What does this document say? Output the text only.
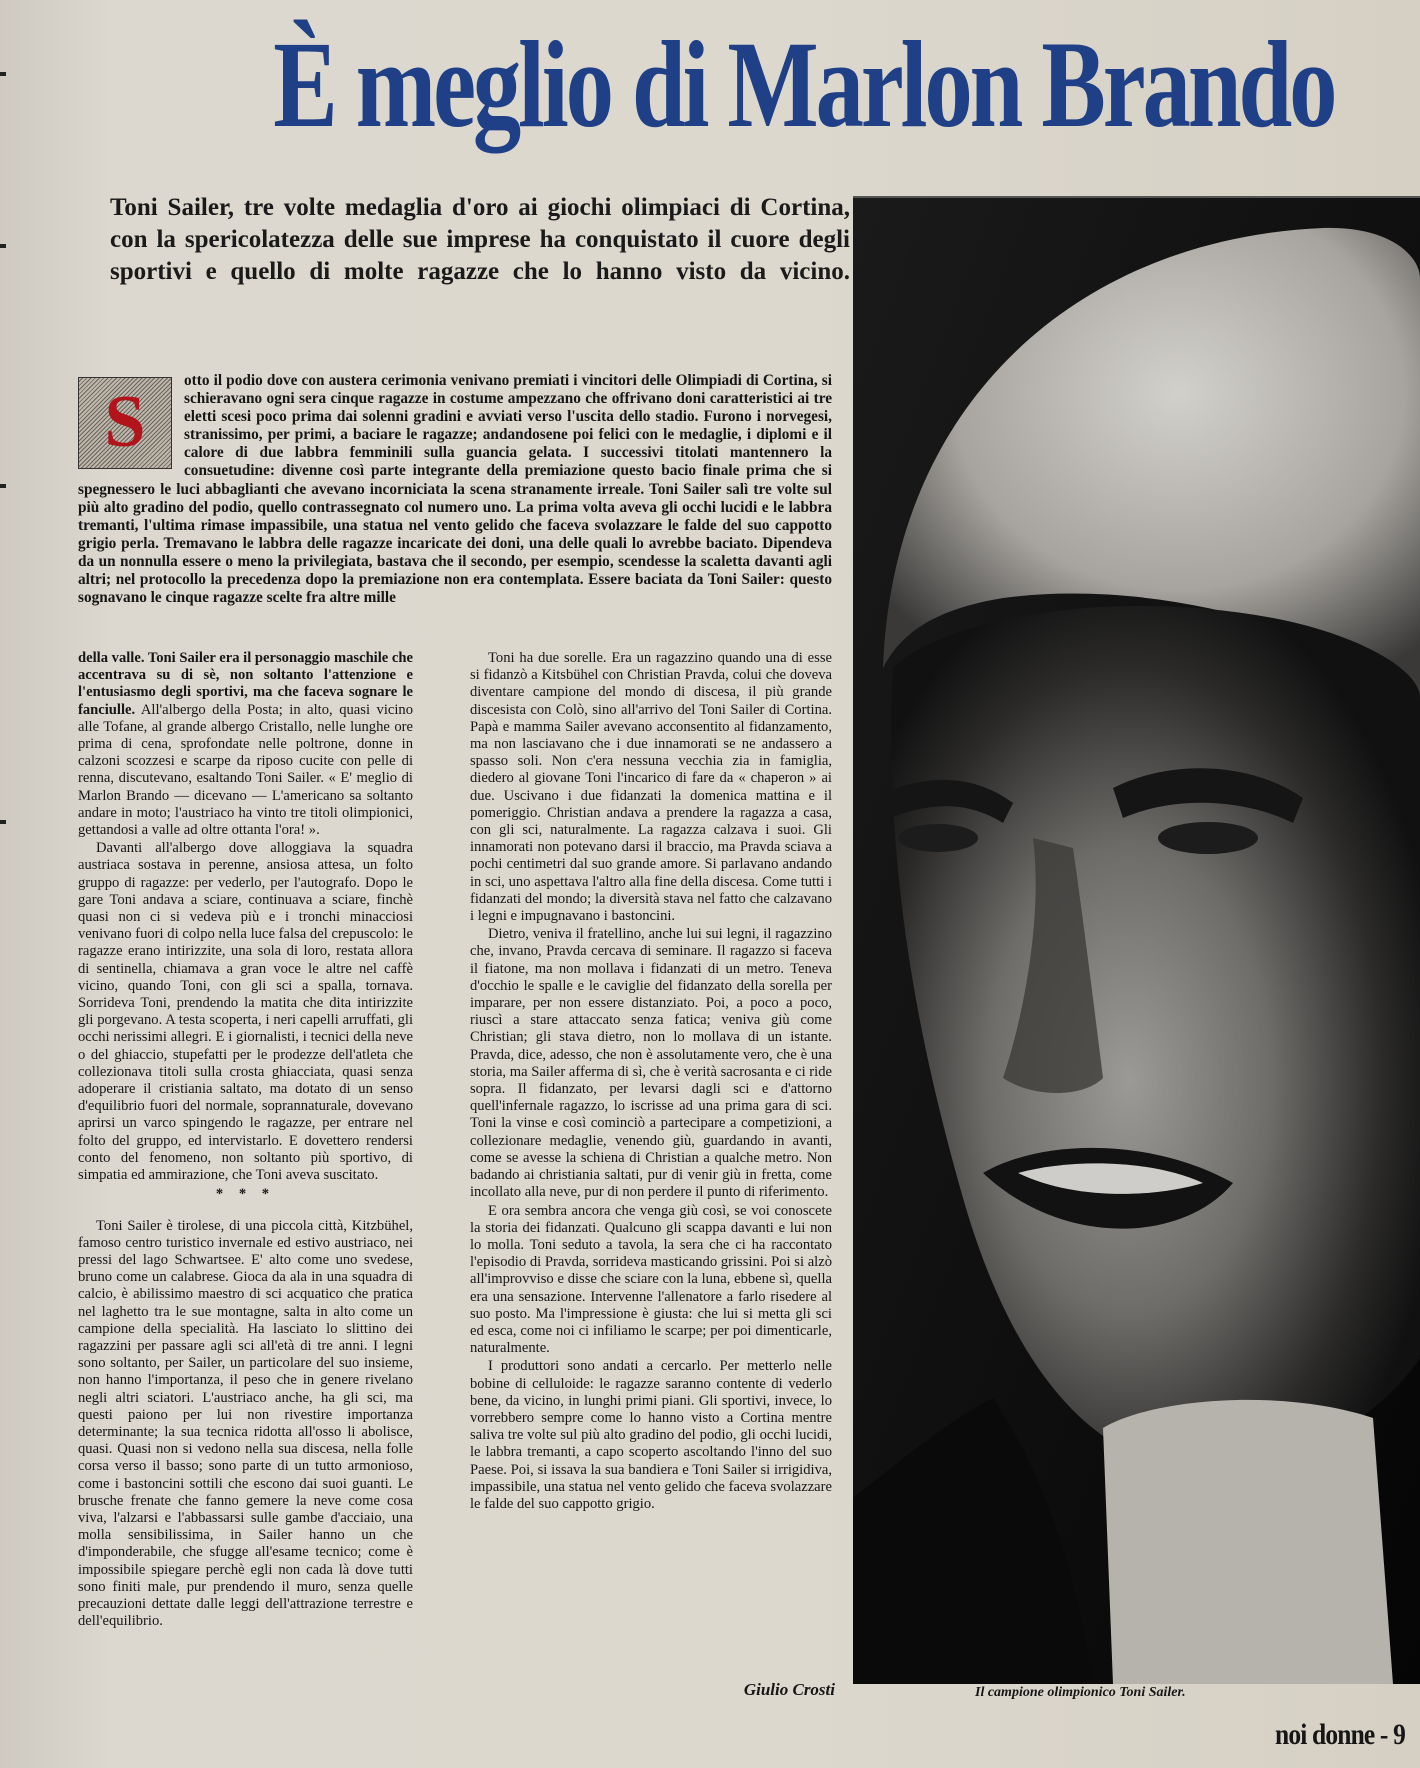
È meglio di Marlon Brando
Toni Sailer, tre volte medaglia d'oro ai giochi olimpiaci di Cortina, con la spericolatezza delle sue imprese ha conquistato il cuore degli sportivi e quello di molte ragazze che lo hanno visto da vicino.

otto il podio dove con austera cerimonia venivano premiati i vincitori delle Olimpiadi di Cortina, si schieravano ogni sera cinque ragazze in costume ampezzano che offrivano doni caratteristici ai tre eletti scesi poco prima dai solenni gradini e avviati verso l'uscita dello stadio. Furono i norvegesi, stranissimo, per primi, a baciare le ragazze; andandosene poi felici con le medaglie, i diplomi e il calore di due labbra femminili sulla guancia gelata. I successivi titolati mantennero la consuetudine: divenne così parte integrante della premiazione questo bacio finale prima che si spegnessero le luci abbaglianti che avevano incorniciata la scena stranamente irreale. Toni Sailer salì tre volte sul più alto gradino del podio, quello contrassegnato col numero uno. La prima volta aveva gli occhi lucidi e le labbra tremanti, l'ultima rimase impassibile, una statua nel vento gelido che faceva svolazzare le falde del suo cappotto grigio perla. Tremavano le labbra delle ragazze incaricate dei doni, una delle quali lo avrebbe baciato. Dipendeva da un nonnulla essere o meno la privilegiata, bastava che il secondo, per esempio, scendesse la scaletta davanti agli altri; nel protocollo la precedenza dopo la premiazione non era contemplata. Essere baciata da Toni Sailer: questo sognavano le cinque ragazze scelte fra altre mille

S

della valle. Toni Sailer era il personaggio maschile che accentrava su di sè, non soltanto l'attenzione e l'entusiasmo degli sportivi, ma che faceva sognare le fanciulle. All'albergo della Posta; in alto, quasi vicino alle Tofane, al grande albergo Cristallo, nelle lunghe ore prima di cena, sprofondate nelle poltrone, donne in calzoni scozzesi e scarpe da riposo cucite con pelle di renna, discutevano, esaltando Toni Sailer. « E' meglio di Marlon Brando — dicevano — L'americano sa soltanto andare in moto; l'austriaco ha vinto tre titoli olimpionici, gettandosi a valle ad oltre ottanta l'ora! ».

Davanti all'albergo dove alloggiava la squadra austriaca sostava in perenne, ansiosa attesa, un folto gruppo di ragazze: per vederlo, per l'autografo. Dopo le gare Toni andava a sciare, continuava a sciare, finchè quasi non ci si vedeva più e i tronchi minacciosi venivano fuori di colpo nella luce falsa del crepuscolo: le ragazze erano intirizzite, una sola di loro, restata allora di sentinella, chiamava a gran voce le altre nel caffè vicino, quando Toni, con gli sci a spalla, tornava. Sorrideva Toni, prendendo la matita che dita intirizzite gli porgevano. A testa scoperta, i neri capelli arruffati, gli occhi nerissimi allegri. E i giornalisti, i tecnici della neve o del ghiaccio, stupefatti per le prodezze dell'atleta che collezionava titoli sulla crosta ghiacciata, quasi senza adoperare il cristiania saltato, ma dotato di un senso d'equilibrio fuori del normale, soprannaturale, dovevano aprirsi un varco spingendo le ragazze, per entrare nel folto del gruppo, ed intervistarlo. E dovettero rendersi conto del fenomeno, non soltanto più sportivo, di simpatia ed ammirazione, che Toni aveva suscitato.

* * *

Toni Sailer è tirolese, di una piccola città, Kitzbühel, famoso centro turistico invernale ed estivo austriaco, nei pressi del lago Schwartsee. E' alto come uno svedese, bruno come un calabrese. Gioca da ala in una squadra di calcio, è abilissimo maestro di sci acquatico che pratica nel laghetto tra le sue montagne, salta in alto come un campione della specialità. Ha lasciato lo slittino dei ragazzini per passare agli sci all'età di tre anni. I legni sono soltanto, per Sailer, un particolare del suo insieme, non hanno l'importanza, il peso che in genere rivelano negli altri sciatori. L'austriaco anche, ha gli sci, ma questi paiono per lui non rivestire importanza determinante; la sua tecnica ridotta all'osso li abolisce, quasi. Quasi non si vedono nella sua discesa, nella folle corsa verso il basso; sono parte di un tutto armonioso, come i bastoncini sottili che escono dai suoi guanti. Le brusche frenate che fanno gemere la neve come cosa viva, l'alzarsi e l'abbassarsi sulle gambe d'acciaio, una molla sensibilissima, in Sailer hanno un che d'imponderabile, che sfugge all'esame tecnico; come è impossibile spiegare perchè egli non cada là dove tutti sono finiti male, pur prendendo il muro, senza quelle precauzioni dettate dalle leggi dell'attrazione terrestre e dell'equilibrio.

Toni ha due sorelle. Era un ragazzino quando una di esse si fidanzò a Kitsbühel con Christian Pravda, colui che doveva diventare campione del mondo di discesa, il più grande discesista con Colò, sino all'arrivo del Toni Sailer di Cortina. Papà e mamma Sailer avevano acconsentito al fidanzamento, ma non lasciavano che i due innamorati se ne andassero a spasso soli. Non c'era nessuna vecchia zia in famiglia, diedero al giovane Toni l'incarico di fare da « chaperon » ai due. Uscivano i due fidanzati la domenica mattina e il pomeriggio. Christian andava a prendere la ragazza a casa, con gli sci, naturalmente. La ragazza calzava i suoi. Gli innamorati non potevano darsi il braccio, ma Pravda sciava a pochi centimetri dal suo grande amore. Si parlavano andando in sci, uno aspettava l'altro alla fine della discesa. Come tutti i fidanzati del mondo; la diversità stava nel fatto che calzavano i legni e impugnavano i bastoncini.

Dietro, veniva il fratellino, anche lui sui legni, il ragazzino che, invano, Pravda cercava di seminare. Il ragazzo si faceva il fiatone, ma non mollava i fidanzati di un metro. Teneva d'occhio le spalle e le caviglie del fidanzato della sorella per imparare, per non essere distanziato. Poi, a poco a poco, riuscì a stare attaccato senza fatica; veniva giù come Christian; gli stava dietro, non lo mollava di un istante. Pravda, dice, adesso, che non è assolutamente vero, che è una storia, ma Sailer afferma di sì, che è verità sacrosanta e ci ride sopra. Il fidanzato, per levarsi dagli sci e d'attorno quell'infernale ragazzo, lo iscrisse ad una prima gara di sci. Toni la vinse e così cominciò a partecipare a competizioni, a collezionare medaglie, venendo giù, guardando in avanti, come se avesse la schiena di Christian a qualche metro. Non badando ai christiania saltati, pur di venir giù in fretta, come incollato alla neve, pur di non perdere il punto di riferimento.

E ora sembra ancora che venga giù così, se voi conoscete la storia dei fidanzati. Qualcuno gli scappa davanti e lui non lo molla. Toni seduto a tavola, la sera che ci ha raccontato l'episodio di Pravda, sorrideva masticando grissini. Poi si alzò all'improvviso e disse che sciare con la luna, ebbene sì, quella era una sensazione. Intervenne l'allenatore a farlo risedere al suo posto. Ma l'impressione è giusta: che lui si metta gli sci ed esca, come noi ci infiliamo le scarpe; per poi dimenticarle, naturalmente.

I produttori sono andati a cercarlo. Per metterlo nelle bobine di celluloide: le ragazze saranno contente di vederlo bene, da vicino, in lunghi primi piani. Gli sportivi, invece, lo vorrebbero sempre come lo hanno visto a Cortina mentre saliva tre volte sul più alto gradino del podio, gli occhi lucidi, le labbra tremanti, a capo scoperto ascoltando l'inno del suo Paese. Poi, si issava la sua bandiera e Toni Sailer si irrigidiva, impassibile, una statua nel vento gelido che faceva svolazzare le falde del suo cappotto grigio.

Giulio Crosti	Il campione olimpionico Toni Sailer.
noi donne - 9
